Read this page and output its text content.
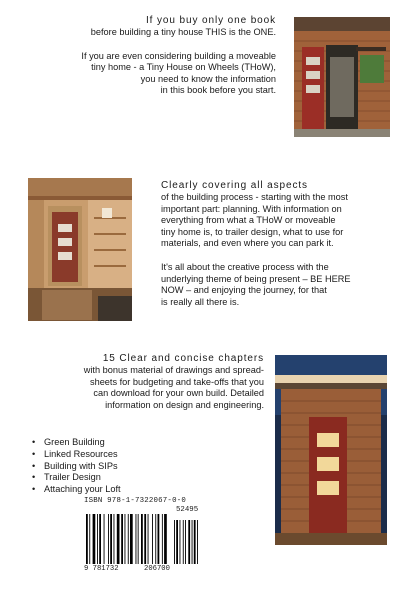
If you buy only one book
before building a tiny house THIS is the ONE.
If you are even considering building a moveable
tiny home - a Tiny House on Wheels (THoW),
you need to know the information
in this book before you start.
Clearly covering all aspects
of the building process - starting with the most
important part: planning. With information on
everything from what a THoW or moveable
tiny home is, to trailer design, what to use for
materials, and even where you can park it.
It's all about the creative process with the
underlying theme of being present – BE HERE
NOW – and enjoying the journey, for that
is really all there is.
15 Clear and concise chapters
with bonus material of drawings and spread-
sheets for budgeting and take-offs that you
can download for your own build. Detailed
information on design and engineering.
• Green Building
• Linked Resources
• Building with SIPs
• Trailer Design
• Attaching your Loft
ISBN 978-1-7322067-0-0
52495
9 781732	206700
